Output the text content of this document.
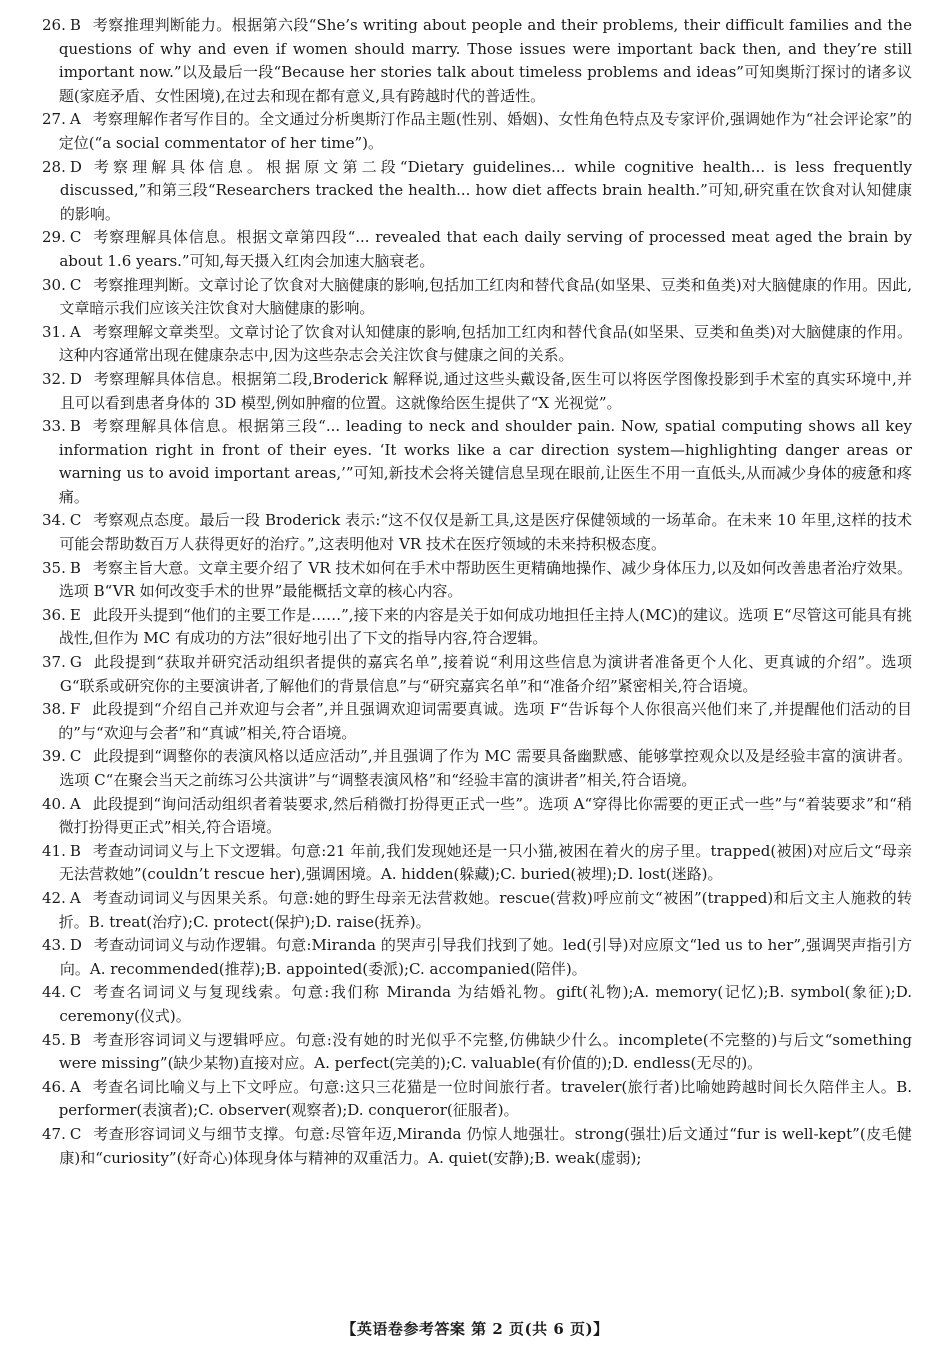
26. B 考察推理判断能力。根据第六段“She’s writing about people and their problems, their difficult families and the questions of why and even if women should marry. Those issues were important back then, and they’re still important now.”以及最后一段“Because her stories talk about timeless problems and ideas”可知奥斯汀探讨的诸多议题(家庭矛盾、女性困境),在过去和现在都有意义,具有跨越时代的普适性。
27. A 考察理解作者写作目的。全文通过分析奥斯汀作品主题(性别、婚姻)、女性角色特点及专家评价,强调她作为“社会评论家”的定位(“a social commentator of her time”)。
28. D 考察理解具体信息。根据原文第二段“Dietary guidelines... while cognitive health... is less frequently discussed,”和第三段“Researchers tracked the health... how diet affects brain health.”可知,研究重在饮食对认知健康的影响。
29. C 考察理解具体信息。根据文章第四段“... revealed that each daily serving of processed meat aged the brain by about 1.6 years.”可知,每天摄入红肉会加速大脑衰老。
30. C 考察推理判断。文章讨论了饮食对大脑健康的影响,包括加工红肉和替代食品(如坚果、豆类和鱼类)对大脑健康的作用。因此,文章暗示我们应该关注饮食对大脑健康的影响。
31. A 考察理解文章类型。文章讨论了饮食对认知健康的影响,包括加工红肉和替代食品(如坚果、豆类和鱼类)对大脑健康的作用。这种内容通常出现在健康杂志中,因为这些杂志会关注饮食与健康之间的关系。
32. D 考察理解具体信息。根据第二段,Broderick 解释说,通过这些头戴设备,医生可以将医学图像投影到手术室的真实环境中,并且可以看到患者身体的 3D 模型,例如肿瘤的位置。这就像给医生提供了“X 光视觉”。
33. B 考察理解具体信息。根据第三段“... leading to neck and shoulder pain. Now, spatial computing shows all key information right in front of their eyes. ‘It works like a car direction system—highlighting danger areas or warning us to avoid important areas,’”可知,新技术会将关键信息呈现在眼前,让医生不用一直低头,从而减少身体的疲惫和疼痛。
34. C 考察观点态度。最后一段 Broderick 表示:“这不仅仅是新工具,这是医疗保健领域的一场革命。在未来 10 年里,这样的技术可能会帮助数百万人获得更好的治疗。”,这表明他对 VR 技术在医疗领域的未来持积极态度。
35. B 考察主旨大意。文章主要介绍了 VR 技术如何在手术中帮助医生更精确地操作、减少身体压力,以及如何改善患者治疗效果。选项 B“VR 如何改变手术的世界”最能概括文章的核心内容。
36. E 此段开头提到“他们的主要工作是……”,接下来的内容是关于如何成功地担任主持人(MC)的建议。选项 E“尽管这可能具有挑战性,但作为 MC 有成功的方法”很好地引出了下文的指导内容,符合逻辑。
37. G 此段提到“获取并研究活动组织者提供的嘉宾名单”,接着说“利用这些信息为演讲者准备更个人化、更真诚的介绍”。选项 G“联系或研究你的主要演讲者,了解他们的背景信息”与“研究嘉宾名单”和“准备介绍”紧密相关,符合语境。
38. F 此段提到“介绍自己并欢迎与会者”,并且强调欢迎词需要真诚。选项 F“告诉每个人你很高兴他们来了,并提醒他们活动的目的”与“欢迎与会者”和“真诚”相关,符合语境。
39. C 此段提到“调整你的表演风格以适应活动”,并且强调了作为 MC 需要具备幽默感、能够掌控观众以及是经验丰富的演讲者。选项 C“在聚会当天之前练习公共演讲”与“调整表演风格”和“经验丰富的演讲者”相关,符合语境。
40. A 此段提到“询问活动组织者着装要求,然后稍微打扮得更正式一些”。选项 A“穿得比你需要的更正式一些”与“着装要求”和“稍微打扮得更正式”相关,符合语境。
41. B 考查动词词义与上下文逻辑。句意:21 年前,我们发现她还是一只小猫,被困在着火的房子里。trapped(被困)对应后文“母亲无法营救她”(couldn’t rescue her),强调困境。A. hidden(躲藏);C. buried(被埋);D. lost(迷路)。
42. A 考查动词词义与因果关系。句意:她的野生母亲无法营救她。rescue(营救)呼应前文“被困”(trapped)和后文主人施救的转折。B. treat(治疗);C. protect(保护);D. raise(抚养)。
43. D 考查动词词义与动作逻辑。句意:Miranda 的哭声引导我们找到了她。led(引导)对应原文“led us to her”,强调哭声指引方向。A. recommended(推荐);B. appointed(委派);C. accompanied(陪伴)。
44. C 考查名词词义与复现线索。句意:我们称 Miranda 为结婚礼物。gift(礼物);A. memory(记忆);B. symbol(象征);D. ceremony(仪式)。
45. B 考查形容词词义与逻辑呼应。句意:没有她的时光似乎不完整,仿佛缺少什么。incomplete(不完整的)与后文“something were missing”(缺少某物)直接对应。A. perfect(完美的);C. valuable(有价值的);D. endless(无尽的)。
46. A 考查名词比喻义与上下文呼应。句意:这只三花猫是一位时间旅行者。traveler(旅行者)比喻她跨越时间长久陪伴主人。B. performer(表演者);C. observer(观察者);D. conqueror(征服者)。
47. C 考查形容词词义与细节支撑。句意:尽管年迈,Miranda 仍惊人地强壮。strong(强壮)后文通过“fur is well-kept”(皮毛健康)和“curiosity”(好奇心)体现身体与精神的双重活力。A. quiet(安静);B. weak(虚弱);
【英语卷参考答案 第 2 页(共 6 页)】
